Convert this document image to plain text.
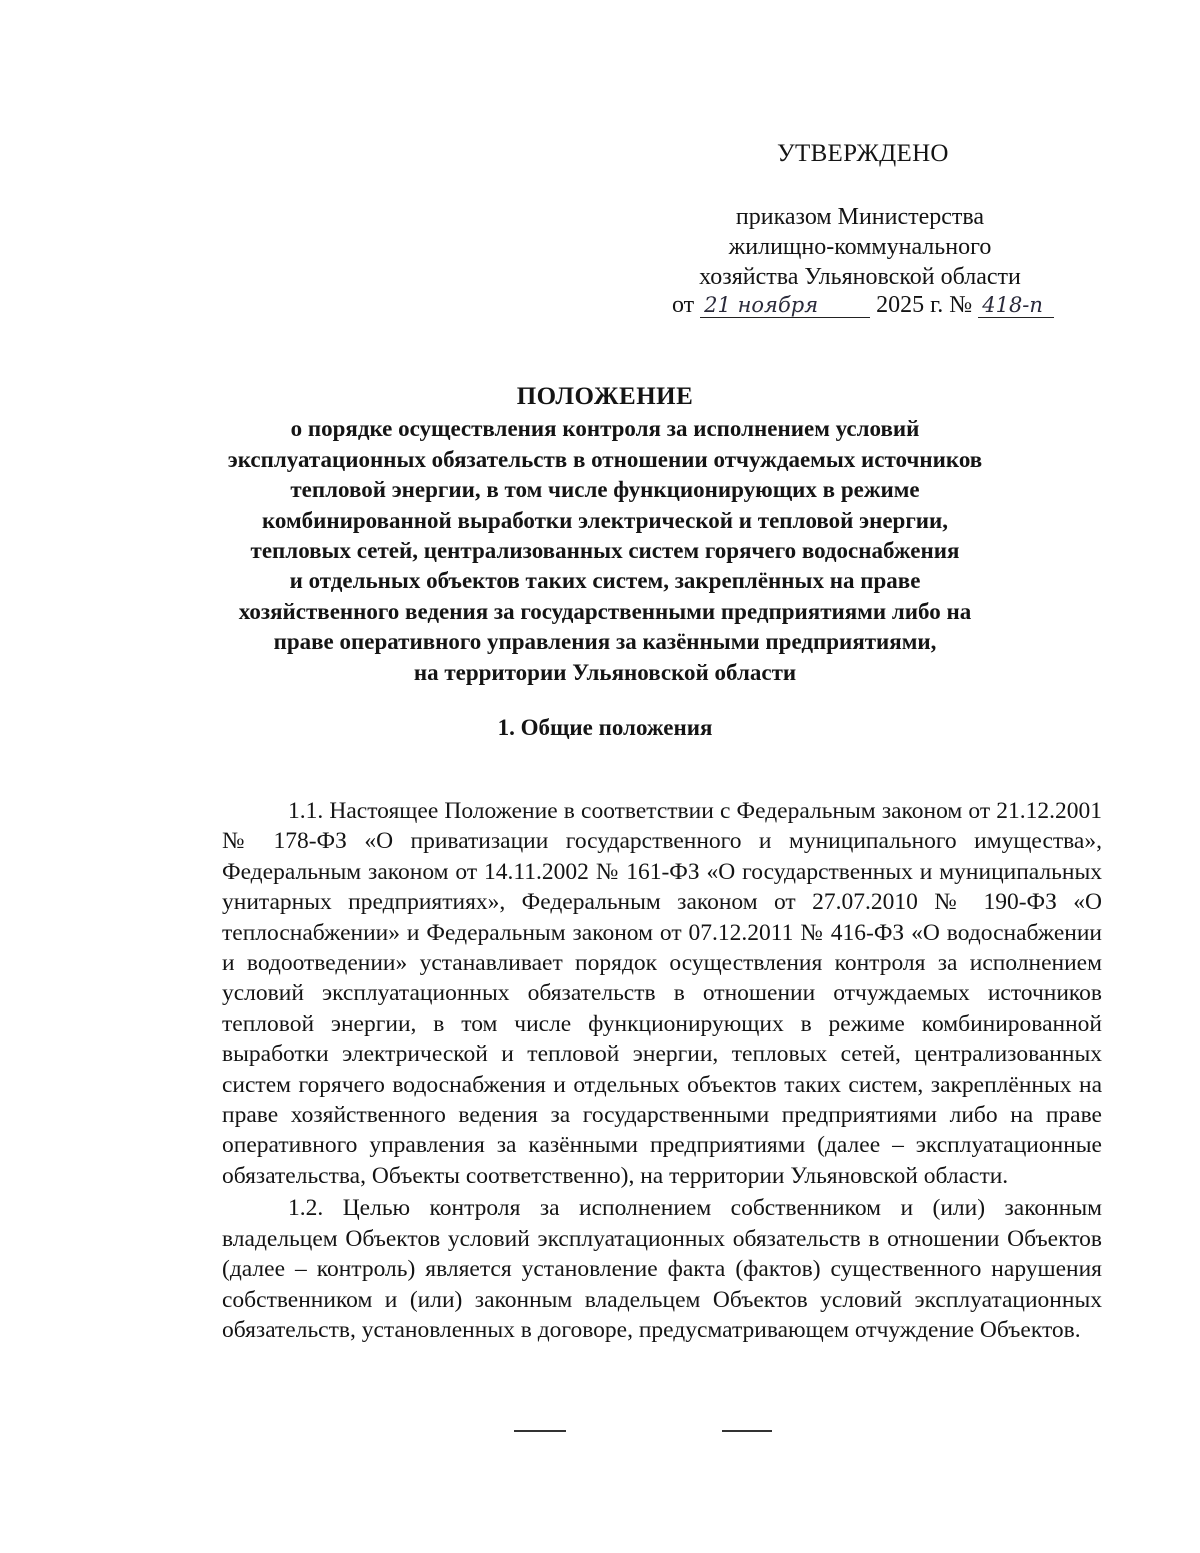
УТВЕРЖДЕНО
приказом Министерства
жилищно-коммунального
хозяйства Ульяновской области
от 21 ноября 2025 г. № 418-п
ПОЛОЖЕНИЕ
о порядке осуществления контроля за исполнением условий
эксплуатационных обязательств в отношении отчуждаемых источников
тепловой энергии, в том числе функционирующих в режиме
комбинированной выработки электрической и тепловой энергии,
тепловых сетей, централизованных систем горячего водоснабжения
и отдельных объектов таких систем, закреплённых на праве
хозяйственного ведения за государственными предприятиями либо на
праве оперативного управления за казёнными предприятиями,
на территории Ульяновской области
1. Общие положения

1.1. Настоящее Положение в соответствии с Федеральным законом от 21.12.2001 № 178-ФЗ «О приватизации государственного и муниципального имущества», Федеральным законом от 14.11.2002 № 161-ФЗ «О государственных и муниципальных унитарных предприятиях», Федеральным законом от 27.07.2010 № 190-ФЗ «О теплоснабжении» и Федеральным законом от 07.12.2011 № 416-ФЗ «О водоснабжении и водоотведении» устанавливает порядок осуществления контроля за исполнением условий эксплуатационных обязательств в отношении отчуждаемых источников тепловой энергии, в том числе функционирующих в режиме комбинированной выработки электрической и тепловой энергии, тепловых сетей, централизованных систем горячего водоснабжения и отдельных объектов таких систем, закреплённых на праве хозяйственного ведения за государственными предприятиями либо на праве оперативного управления за казёнными предприятиями (далее – эксплуатационные обязательства, Объекты соответственно), на территории Ульяновской области.

1.2. Целью контроля за исполнением собственником и (или) законным владельцем Объектов условий эксплуатационных обязательств в отношении Объектов (далее – контроль) является установление факта (фактов) существенного нарушения собственником и (или) законным владельцем Объектов условий эксплуатационных обязательств, установленных в договоре, предусматривающем отчуждение Объектов.
